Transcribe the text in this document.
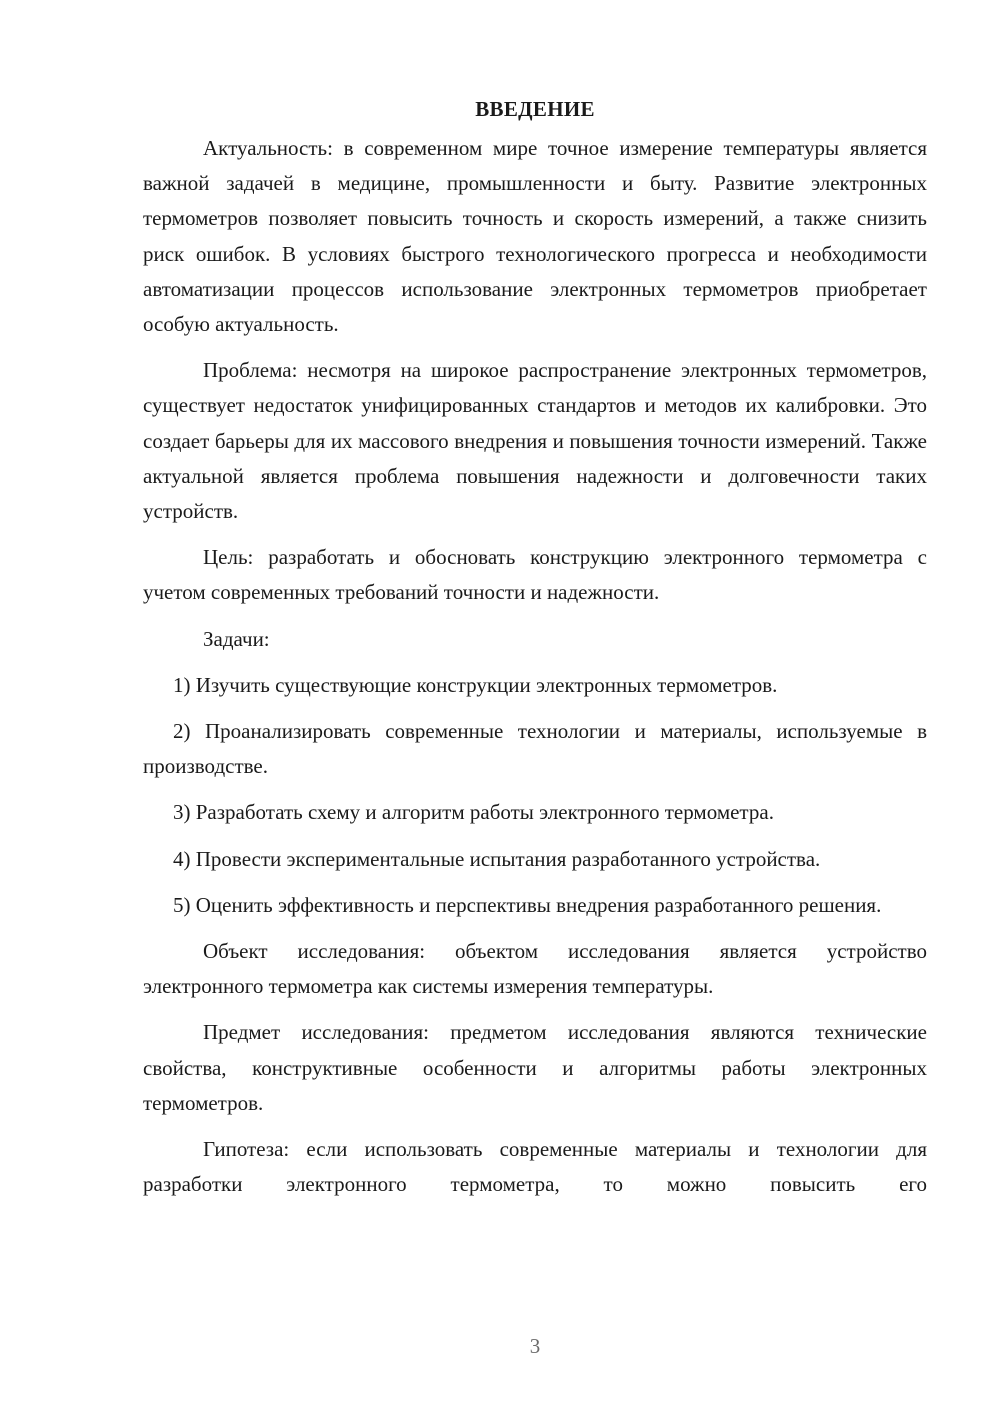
ВВЕДЕНИЕ

Актуальность: в современном мире точное измерение температуры является важной задачей в медицине, промышленности и быту. Развитие электронных термометров позволяет повысить точность и скорость измерений, а также снизить риск ошибок. В условиях быстрого технологического прогресса и необходимости автоматизации процессов использование электронных термометров приобретает особую актуальность.

Проблема: несмотря на широкое распространение электронных термометров, существует недостаток унифицированных стандартов и методов их калибровки. Это создает барьеры для их массового внедрения и повышения точности измерений. Также актуальной является проблема повышения надежности и долговечности таких устройств.

Цель: разработать и обосновать конструкцию электронного термометра с учетом современных требований точности и надежности.

Задачи:

1) Изучить существующие конструкции электронных термометров.

2) Проанализировать современные технологии и материалы, используемые в производстве.

3) Разработать схему и алгоритм работы электронного термометра.

4) Провести экспериментальные испытания разработанного устройства.

5) Оценить эффективность и перспективы внедрения разработанного решения.

Объект исследования: объектом исследования является устройство электронного термометра как системы измерения температуры.

Предмет исследования: предметом исследования являются технические свойства, конструктивные особенности и алгоритмы работы электронных термометров.

Гипотеза: если использовать современные материалы и технологии для разработки электронного термометра, то можно повысить его

3
